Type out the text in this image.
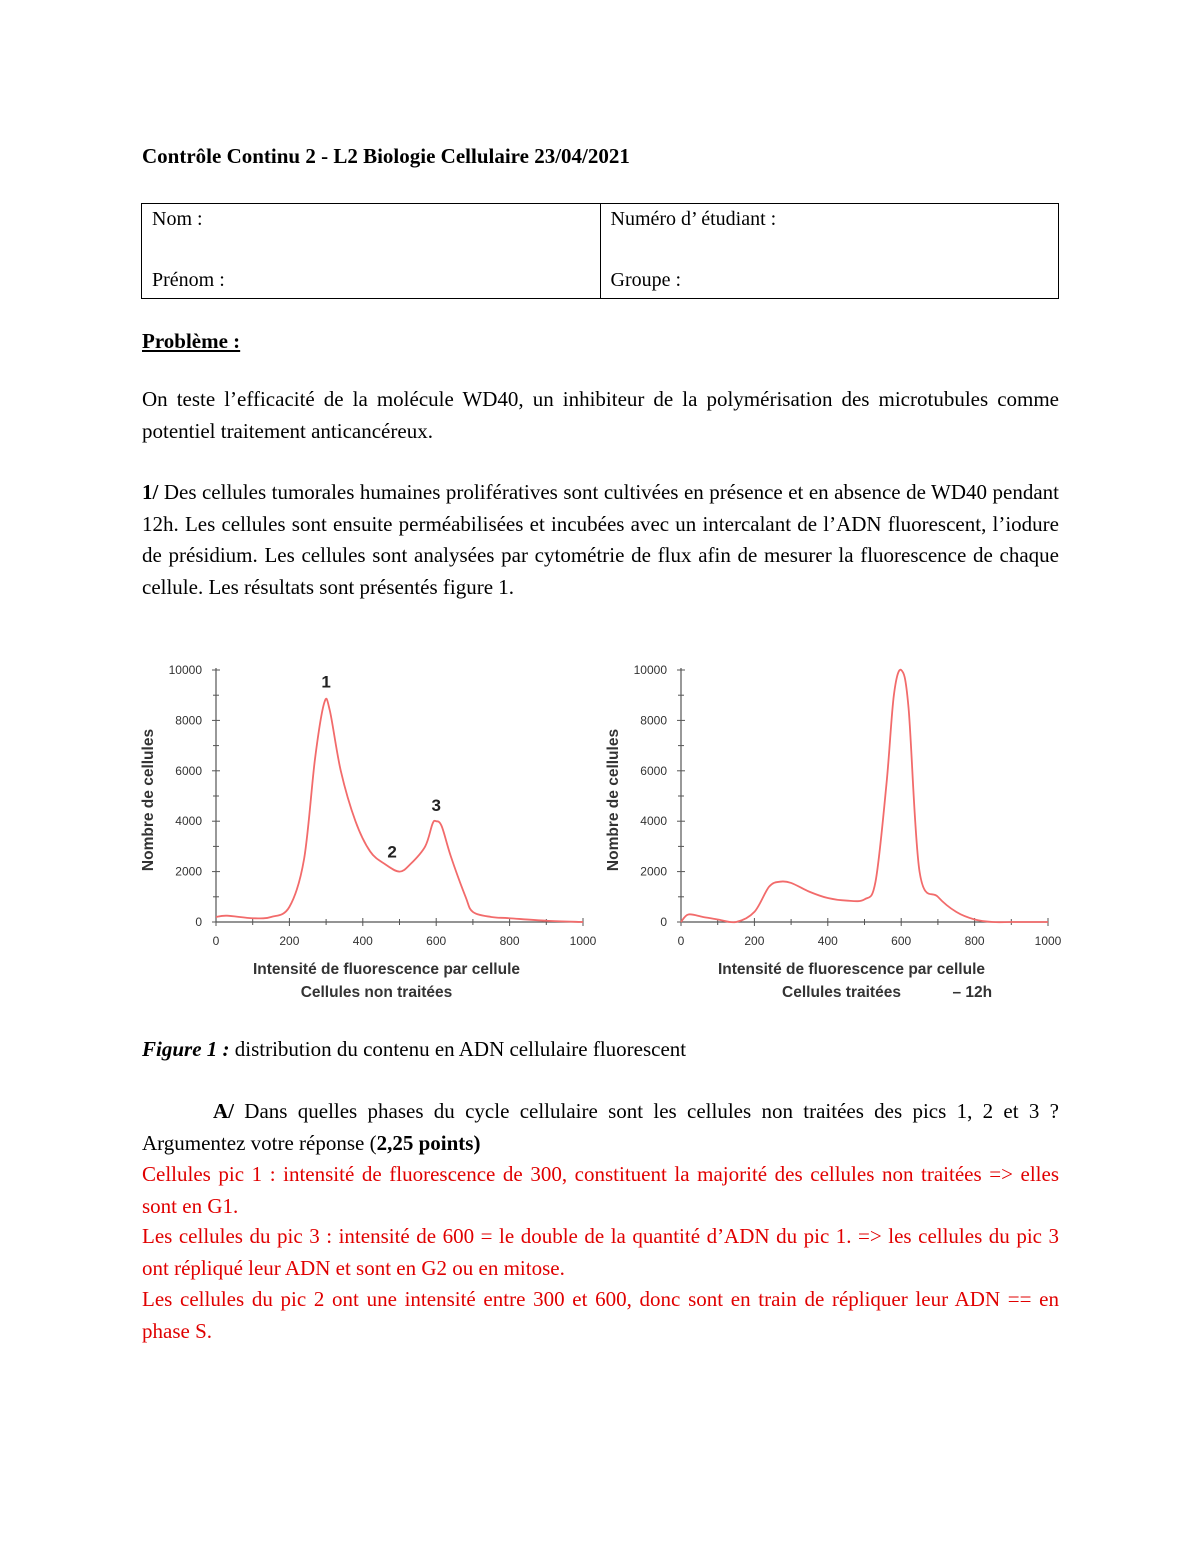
Contrôle Continu 2 - L2 Biologie Cellulaire 23/04/2021
Nom :
Prénom :

Numéro d’ étudiant :
Groupe :
Problème :
On teste l’efficacité de la molécule WD40, un inhibiteur de la polymérisation des microtubules comme potentiel traitement anticancéreux.
1/ Des cellules tumorales humaines prolifératives sont cultivées en présence et en absence de WD40 pendant 12h. Les cellules sont ensuite perméabilisées et incubées avec un intercalant de l’ADN fluorescent, l’iodure de présidium. Les cellules sont analysées par cytométrie de flux afin de mesurer la fluorescence de chaque cellule. Les résultats sont présentés figure 1.
0
2000
4000
6000
8000
10000
0	200	400	600	800	1000
1
2
3
Nombre de cellules
Intensité de fluorescence par cellule
Cellules non traitées
0
2000
4000
6000
8000
10000
0	200	400	600	800	1000
Nombre de cellules
Intensité de fluorescence par cellule
Cellules traitées	– 12h
Figure 1 : distribution du contenu en ADN cellulaire fluorescent
A/ Dans quelles phases du cycle cellulaire sont les cellules non traitées des pics 1, 2 et 3 ? Argumentez votre réponse (2,25 points)
Cellules pic 1 : intensité de fluorescence de 300, constituent la majorité des cellules non traitées => elles sont en G1.
Les cellules du pic 3 : intensité de 600 = le double de la quantité d’ADN du pic 1. => les cellules du pic 3 ont répliqué leur ADN et sont en G2 ou en mitose.
Les cellules du pic 2 ont une intensité entre 300 et 600, donc sont en train de répliquer leur ADN == en phase S.
